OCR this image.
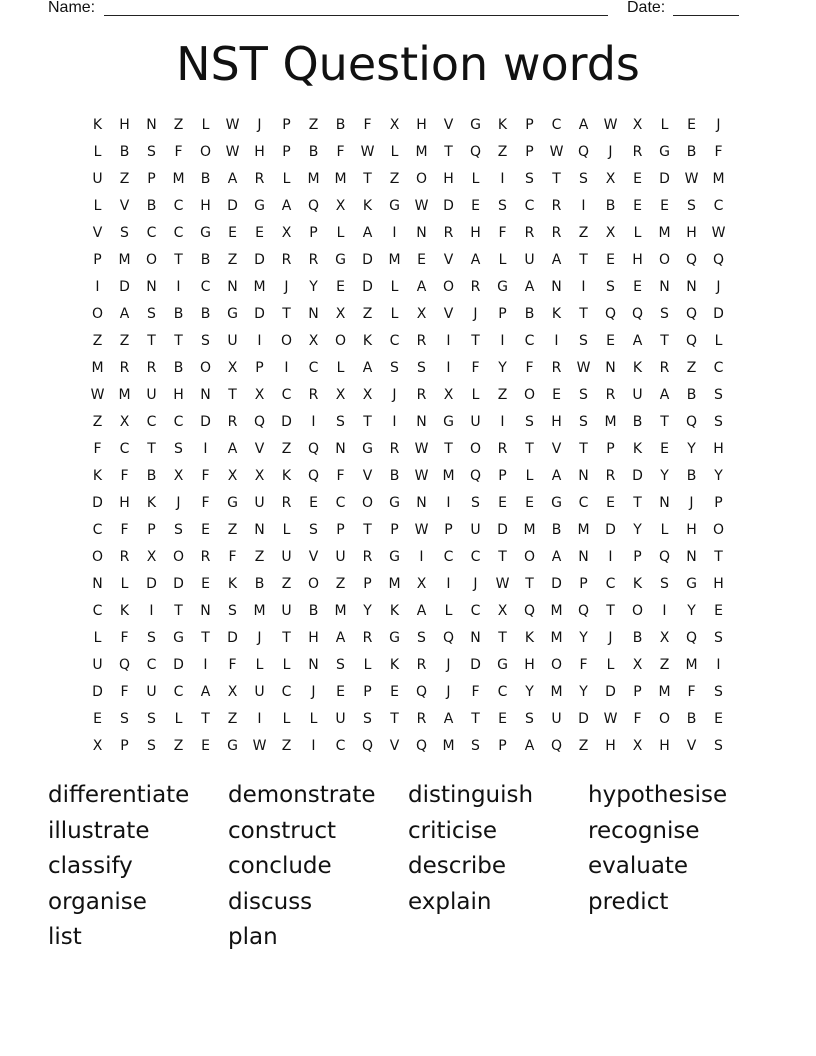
Name:	Date:
NST Question words
K	H	N	Z	L	W	J	P	Z	B	F	X	H	V	G	K	P	C	A	W	X	L	E	J
L	B	S	F	O	W	H	P	B	F	W	L	M	T	Q	Z	P	W	Q	J	R	G	B	F
U	Z	P	M	B	A	R	L	M	M	T	Z	O	H	L	I	S	T	S	X	E	D	W	M
L	V	B	C	H	D	G	A	Q	X	K	G	W	D	E	S	C	R	I	B	E	E	S	C
V	S	C	C	G	E	E	X	P	L	A	I	N	R	H	F	R	R	Z	X	L	M	H	W
P	M	O	T	B	Z	D	R	R	G	D	M	E	V	A	L	U	A	T	E	H	O	Q	Q
I	D	N	I	C	N	M	J	Y	E	D	L	A	O	R	G	A	N	I	S	E	N	N	J
O	A	S	B	B	G	D	T	N	X	Z	L	X	V	J	P	B	K	T	Q	Q	S	Q	D
Z	Z	T	T	S	U	I	O	X	O	K	C	R	I	T	I	C	I	S	E	A	T	Q	L
M	R	R	B	O	X	P	I	C	L	A	S	S	I	F	Y	F	R	W	N	K	R	Z	C
W	M	U	H	N	T	X	C	R	X	X	J	R	X	L	Z	O	E	S	R	U	A	B	S
Z	X	C	C	D	R	Q	D	I	S	T	I	N	G	U	I	S	H	S	M	B	T	Q	S
F	C	T	S	I	A	V	Z	Q	N	G	R	W	T	O	R	T	V	T	P	K	E	Y	H
K	F	B	X	F	X	X	K	Q	F	V	B	W	M	Q	P	L	A	N	R	D	Y	B	Y
D	H	K	J	F	G	U	R	E	C	O	G	N	I	S	E	E	G	C	E	T	N	J	P
C	F	P	S	E	Z	N	L	S	P	T	P	W	P	U	D	M	B	M	D	Y	L	H	O
O	R	X	O	R	F	Z	U	V	U	R	G	I	C	C	T	O	A	N	I	P	Q	N	T
N	L	D	D	E	K	B	Z	O	Z	P	M	X	I	J	W	T	D	P	C	K	S	G	H
C	K	I	T	N	S	M	U	B	M	Y	K	A	L	C	X	Q	M	Q	T	O	I	Y	E
L	F	S	G	T	D	J	T	H	A	R	G	S	Q	N	T	K	M	Y	J	B	X	Q	S
U	Q	C	D	I	F	L	L	N	S	L	K	R	J	D	G	H	O	F	L	X	Z	M	I
D	F	U	C	A	X	U	C	J	E	P	E	Q	J	F	C	Y	M	Y	D	P	M	F	S
E	S	S	L	T	Z	I	L	L	U	S	T	R	A	T	E	S	U	D	W	F	O	B	E
X	P	S	Z	E	G	W	Z	I	C	Q	V	Q	M	S	P	A	Q	Z	H	X	H	V	S
differentiate	demonstrate	distinguish	hypothesise
illustrate	construct	criticise	recognise
classify	conclude	describe	evaluate
organise	discuss	explain	predict
list	plan
